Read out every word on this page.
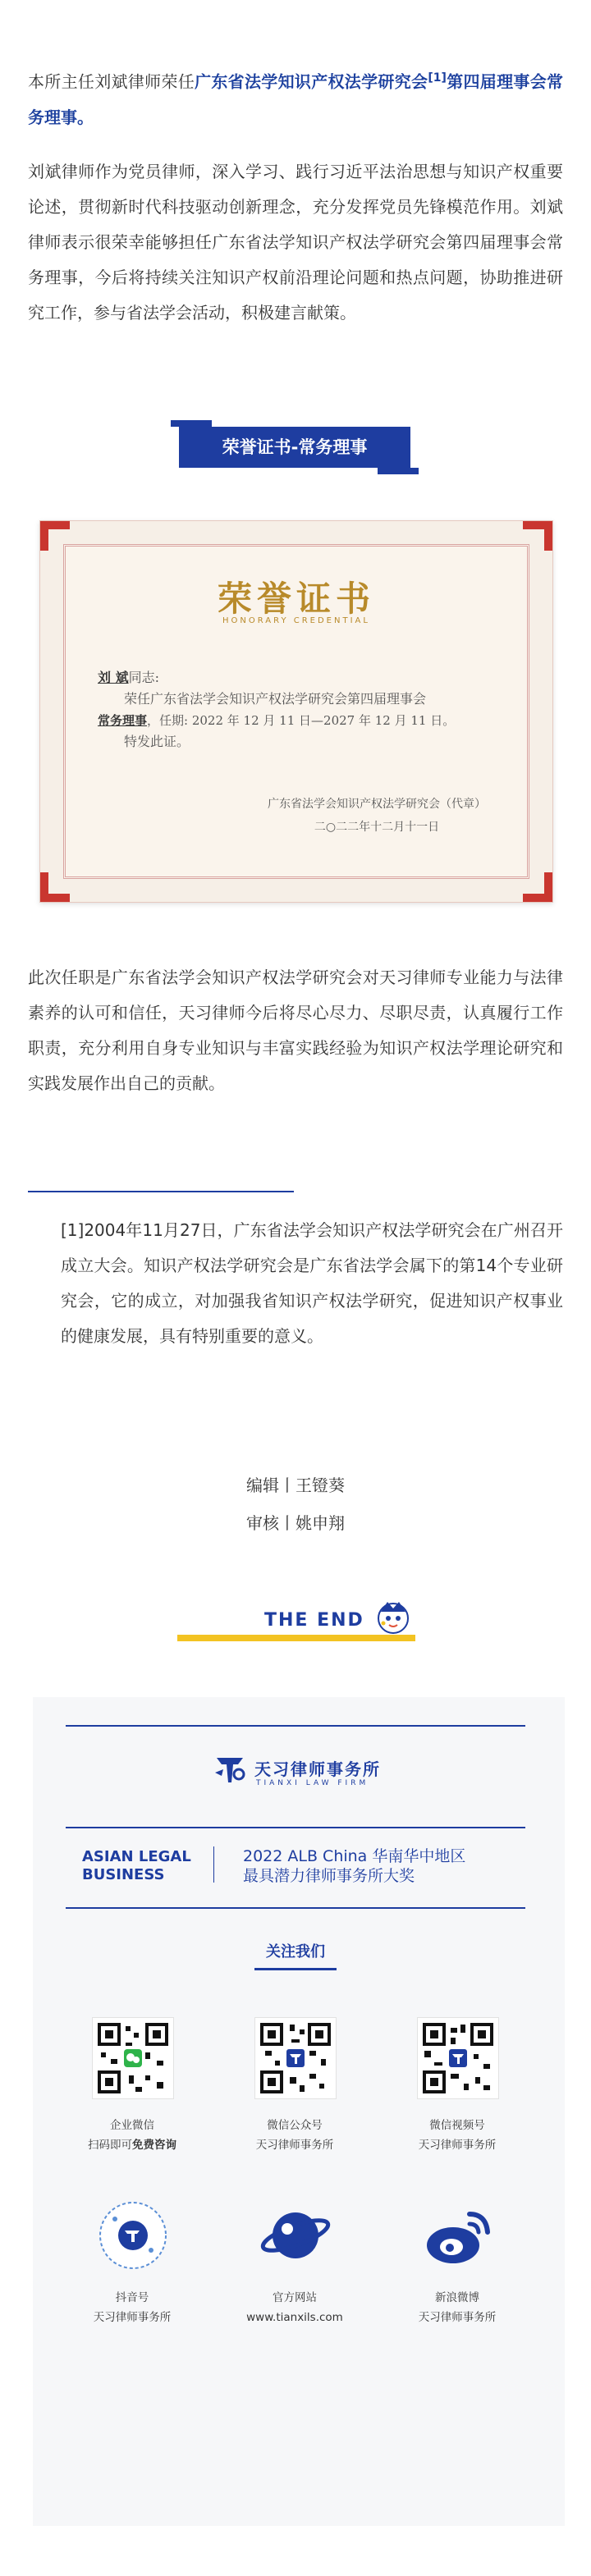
本所主任刘斌律师荣任广东省法学知识产权法学研究会[1]第四届理事会常务理事。

刘斌律师作为党员律师，深入学习、践行习近平法治思想与知识产权重要论述，贯彻新时代科技驱动创新理念，充分发挥党员先锋模范作用。刘斌律师表示很荣幸能够担任广东省法学知识产权法学研究会第四届理事会常务理事，今后将持续关注知识产权前沿理论问题和热点问题，协助推进研究工作，参与省法学会活动，积极建言献策。

荣誉证书-常务理事
荣誉证书
HONORARY CREDENTIAL
刘 斌同志:
荣任广东省法学会知识产权法学研究会第四届理事会
常务理事，任期: 2022 年 12 月 11 日—2027 年 12 月 11 日。
特发此证。
广东省法学会知识产权法学研究会（代章）
二○二二年十二月十一日

此次任职是广东省法学会知识产权法学研究会对天习律师专业能力与法律素养的认可和信任，天习律师今后将尽心尽力、尽职尽责，认真履行工作职责，充分利用自身专业知识与丰富实践经验为知识产权法学理论研究和实践发展作出自己的贡献。

[1]2004年11月27日，广东省法学会知识产权法学研究会在广州召开成立大会。知识产权法学研究会是广东省法学会属下的第14个专业研究会，它的成立，对加强我省知识产权法学研究，促进知识产权事业的健康发展，具有特别重要的意义。

编辑丨王镫葵
审核丨姚申翔
THE END
天习律师事务所
TIANXI LAW FIRM
ASIAN LEGAL
BUSINESS
2022 ALB China 华南华中地区
最具潜力律师事务所大奖
关注我们
企业微信
扫码即可免费咨询
微信公众号
天习律师事务所
微信视频号
天习律师事务所
抖音号
天习律师事务所
官方网站
www.tianxils.com
新浪微博
天习律师事务所
